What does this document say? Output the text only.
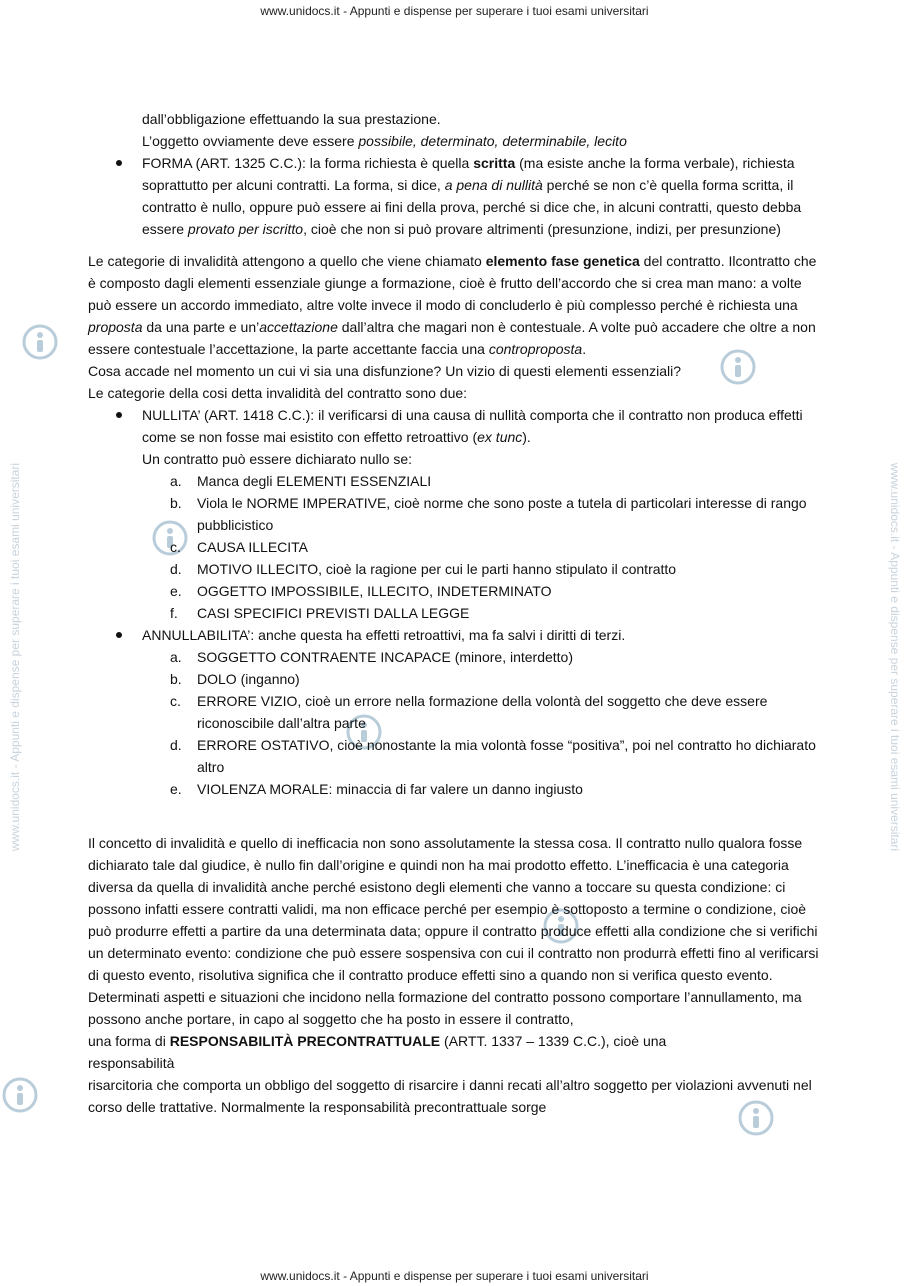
www.unidocs.it - Appunti e dispense per superare i tuoi esami universitari
www.unidocs.it - Appunti e dispense per superare i tuoi esami universitari	www.unidocs.it - Appunti e dispense per superare i tuoi esami universitari

dall’obbligazione effettuando la sua prestazione.

L’oggetto ovviamente deve essere possibile, determinato, determinabile, lecito

FORMA (ART. 1325 C.C.): la forma richiesta è quella scritta (ma esiste anche la forma verbale), richiesta soprattutto per alcuni contratti. La forma, si dice, a pena di nullità perché se non c’è quella forma scritta, il contratto è nullo, oppure può essere ai fini della prova, perché si dice che, in alcuni contratti, questo debba essere provato per iscritto, cioè che non si può provare altrimenti (presunzione, indizi, per presunzione)

Le categorie di invalidità attengono a quello che viene chiamato elemento fase genetica del contratto. Ilcontratto che è composto dagli elementi essenziale giunge a formazione, cioè è frutto dell’accordo che si crea man mano: a volte può essere un accordo immediato, altre volte invece il modo di concluderlo è più complesso perché è richiesta una proposta da una parte e un’accettazione dall’altra che magari non è contestuale. A volte può accadere che oltre a non essere contestuale l’accettazione, la parte accettante faccia una controproposta.

Cosa accade nel momento un cui vi sia una disfunzione? Un vizio di questi elementi essenziali?

Le categorie della cosi detta invalidità del contratto sono due:

NULLITA’ (ART. 1418 C.C.): il verificarsi di una causa di nullità comporta che il contratto non produca effetti come se non fosse mai esistito con effetto retroattivo (ex tunc).

Un contratto può essere dichiarato nullo se:

a. Manca degli ELEMENTI ESSENZIALI
b. Viola le NORME IMPERATIVE, cioè norme che sono poste a tutela di particolari interesse di rango pubblicistico
c. CAUSA ILLECITA
d. MOTIVO ILLECITO, cioè la ragione per cui le parti hanno stipulato il contratto
e. OGGETTO IMPOSSIBILE, ILLECITO, INDETERMINATO
f. CASI SPECIFICI PREVISTI DALLA LEGGE
ANNULLABILITA’: anche questa ha effetti retroattivi, ma fa salvi i diritti di terzi.
a. SOGGETTO CONTRAENTE INCAPACE (minore, interdetto)
b. DOLO (inganno)
c. ERRORE VIZIO, cioè un errore nella formazione della volontà del soggetto che deve essere riconoscibile dall’altra parte
d. ERRORE OSTATIVO, cioè nonostante la mia volontà fosse “positiva”, poi nel contratto ho dichiarato altro
e. VIOLENZA MORALE: minaccia di far valere un danno ingiusto

Il concetto di invalidità e quello di inefficacia non sono assolutamente la stessa cosa. Il contratto nullo qualora fosse dichiarato tale dal giudice, è nullo fin dall’origine e quindi non ha mai prodotto effetto. L’inefficacia è una categoria diversa da quella di invalidità anche perché esistono degli elementi che vanno a toccare su questa condizione: ci possono infatti essere contratti validi, ma non efficace perché per esempio è sottoposto a termine o condizione, cioè può produrre effetti a partire da una determinata data; oppure il contratto produce effetti alla condizione che si verifichi un determinato evento: condizione che può essere sospensiva con cui il contratto non produrrà effetti fino al verificarsi di questo evento, risolutiva significa che il contratto produce effetti sino a quando non si verifica questo evento.

Determinati aspetti e situazioni che incidono nella formazione del contratto possono comportare l’annullamento, ma possono anche portare, in capo al soggetto che ha posto in essere il contratto,

una forma di RESPONSABILITÀ PRECONTRATTUALE (ARTT. 1337 – 1339 C.C.), cioè una

responsabilità

risarcitoria che comporta un obbligo del soggetto di risarcire i danni recati all’altro soggetto per violazioni avvenuti nel corso delle trattative. Normalmente la responsabilità precontrattuale sorge

www.unidocs.it - Appunti e dispense per superare i tuoi esami universitari
